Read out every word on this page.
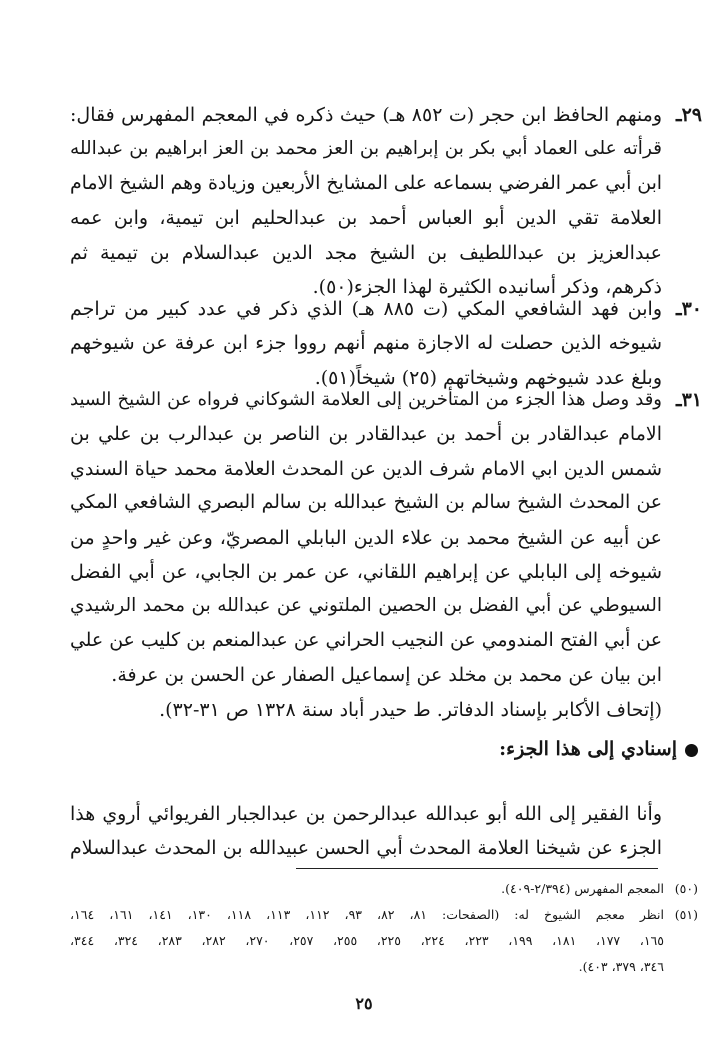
٢٩ـ
ومنهم الحافظ ابن حجر (ت ٨٥٢ هـ) حيث ذكره في المعجم المفهرس فقال:
قرأته على العماد أبي بكر بن إبراهيم بن العز محمد بن العز ابراهيم بن عبدالله
ابن أبي عمر الفرضي بسماعه على المشايخ الأربعين وزيادة وهم الشيخ الامام
العلامة تقي الدين أبو العباس أحمد بن عبدالحليم ابن تيمية، وابن عمه
عبدالعزيز بن عبداللطيف بن الشيخ مجد الدين عبدالسلام بن تيمية ثم
ذكرهم، وذكر أسانيده الكثيرة لهذا الجزء(٥٠).
٣٠ـ
وابن فهد الشافعي المكي (ت ٨٨٥ هـ) الذي ذكر في عدد كبير من تراجم
شيوخه الذين حصلت له الاجازة منهم أنهم رووا جزء ابن عرفة عن شيوخهم
وبلغ عدد شيوخهم وشيخاتهم (٢٥) شيخاً(٥١).
٣١ـ
وقد وصل هذا الجزء من المتأخرين إلى العلامة الشوكاني فرواه عن الشيخ السيد
الامام عبدالقادر بن أحمد بن عبدالقادر بن الناصر بن عبدالرب بن علي بن
شمس الدين ابي الامام شرف الدين عن المحدث العلامة محمد حياة السندي
عن المحدث الشيخ سالم بن الشيخ عبدالله بن سالم البصري الشافعي المكي
عن أبيه عن الشيخ محمد بن علاء الدين البابلي المصريّ، وعن غير واحدٍ من
شيوخه إلى البابلي عن إبراهيم اللقاني، عن عمر بن الجابي، عن أبي الفضل
السيوطي عن أبي الفضل بن الحصين الملتوني عن عبدالله بن محمد الرشيدي
عن أبي الفتح المندومي عن النجيب الحراني عن عبدالمنعم بن كليب عن علي
ابن بيان عن محمد بن مخلد عن إسماعيل الصفار عن الحسن بن عرفة.
(إتحاف الأكابر بإسناد الدفاتر. ط حيدر أباد سنة ١٣٢٨ ص ٣١-٣٢).
إسنادي إلى هذا الجزء:
وأنا الفقير إلى الله أبو عبدالله عبدالرحمن بن عبدالجبار الفريوائي أروي هذا
الجزء عن شيخنا العلامة المحدث أبي الحسن عبيدالله بن المحدث عبدالسلام
(٥٠)
المعجم المفهرس (٢/٣٩٤-٤٠٩).
(٥١)
انظر معجم الشيوخ له: (الصفحات: ٨١، ٨٢، ٩٣، ١١٢، ١١٣، ١١٨، ١٣٠، ١٤١، ١٦١، ١٦٤،
١٦٥، ١٧٧، ١٨١، ١٩٩، ٢٢٣، ٢٢٤، ٢٢٥، ٢٥٥، ٢٥٧، ٢٧٠، ٢٨٢، ٢٨٣، ٣٢٤، ٣٤٤،
٣٤٦، ٣٧٩، ٤٠٣).
٢٥
